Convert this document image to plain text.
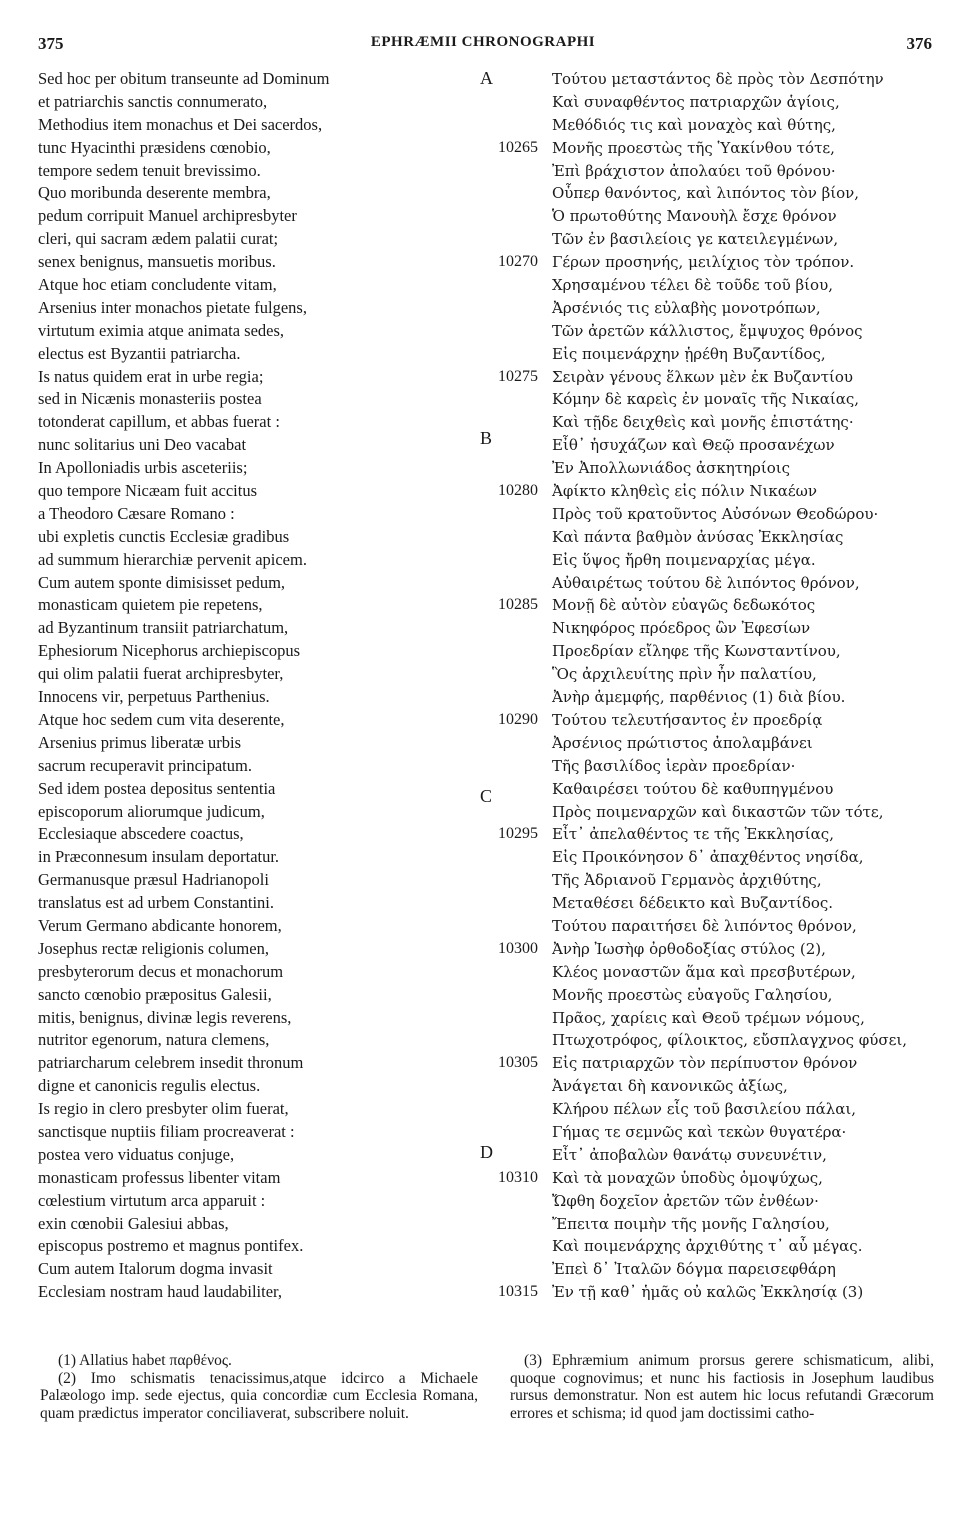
375	EPHRÆMII CHRONOGRAPHI	376
Sed hoc per obitum transeunte ad Dominum
et patriarchis sanctis connumerato,
Methodius item monachus et Dei sacerdos,
tunc Hyacinthi præsidens cœnobio,
tempore sedem tenuit brevissimo.
Quo moribunda deserente membra,
pedum corripuit Manuel archipresbyter
cleri, qui sacram ædem palatii curat;
senex benignus, mansuetis moribus.
Atque hoc etiam concludente vitam,
Arsenius inter monachos pietate fulgens,
virtutum eximia atque animata sedes,
electus est Byzantii patriarcha.
Is natus quidem erat in urbe regia;
sed in Nicænis monasteriis postea
totonderat capillum, et abbas fuerat :
nunc solitarius uni Deo vacabat
In Apolloniadis urbis asceteriis;
quo tempore Nicæam fuit accitus
a Theodoro Cæsare Romano :
ubi expletis cunctis Ecclesiæ gradibus
ad summum hierarchiæ pervenit apicem.
Cum autem sponte dimisisset pedum,
monasticam quietem pie repetens,
ad Byzantinum transiit patriarchatum,
Ephesiorum Nicephorus archiepiscopus
qui olim palatii fuerat archipresbyter,
Innocens vir, perpetuus Parthenius.
Atque hoc sedem cum vita deserente,
Arsenius primus liberatæ urbis
sacrum recuperavit principatum.
Sed idem postea depositus sententia
episcoporum aliorumque judicum,
Ecclesiaque abscedere coactus,
in Præconnesum insulam deportatur.
Germanusque præsul Hadrianopoli
translatus est ad urbem Constantini.
Verum Germano abdicante honorem,
Josephus rectæ religionis columen,
presbyterorum decus et monachorum
sancto cœnobio præpositus Galesii,
mitis, benignus, divinæ legis reverens,
nutritor egenorum, natura clemens,
patriarcharum celebrem insedit thronum
digne et canonicis regulis electus.
Is regio in clero presbyter olim fuerat,
sanctisque nuptiis filiam procreaverat :
postea vero viduatus conjuge,
monasticam professus libenter vitam
cœlestium virtutum arca apparuit :
exin cœnobii Galesiui abbas,
episcopus postremo et magnus pontifex.
Cum autem Italorum dogma invasit
Ecclesiam nostram haud laudabiliter,
Τούτου μεταστάντος δὲ πρὸς τὸν Δεσπότην
Καὶ συναφθέντος πατριαρχῶν ἁγίοις,
Μεθόδιός τις καὶ μοναχὸς καὶ θύτης,
10265 Μονῆς προεστὼς τῆς Ὑακίνθου τότε,
Ἐπὶ βράχιστον ἀπολαύει τοῦ θρόνου·
Οὗπερ θανόντος, καὶ λιπόντος τὸν βίον,
Ὁ πρωτοθύτης Μανουὴλ ἔσχε θρόνον
Τῶν ἐν βασιλείοις γε κατειλεγμένων,
10270 Γέρων προσηνής, μειλίχιος τὸν τρόπον.
Χρησαμένου τέλει δὲ τοῦδε τοῦ βίου,
Ἀρσένιός τις εὐλαβὴς μονοτρόπων,
Τῶν ἀρετῶν κάλλιστος, ἔμψυχος θρόνος
Εἰς ποιμενάρχην ᾑρέθη Βυζαντίδος,
10275 Σειρὰν γένους ἕλκων μὲν ἐκ Βυζαντίου
Κόμην δὲ καρεὶς ἐν μοναῖς τῆς Νικαίας,
Καὶ τῇδε δειχθεὶς καὶ μονῆς ἐπιστάτης·
Εἶθ᾽ ἡσυχάζων καὶ Θεῷ προσανέχων
Ἐν Ἀπολλωνιάδος ἀσκητηρίοις
10280 Ἀφίκτο κληθεὶς εἰς πόλιν Νικαέων
Πρὸς τοῦ κρατοῦντος Αὐσόνων Θεοδώρου·
Καὶ πάντα βαθμὸν ἀνύσας Ἐκκλησίας
Εἰς ὕψος ἤρθη ποιμεναρχίας μέγα.
Αὐθαιρέτως τούτου δὲ λιπόντος θρόνον,
10285 Μονῇ δὲ αὐτὸν εὐαγῶς δεδωκότος
Νικηφόρος πρόεδρος ὢν Ἐφεσίων
Προεδρίαν εἴληφε τῆς Κωνσταντίνου,
Ὃς ἀρχιλευίτης πρὶν ἦν παλατίου,
Ἀνὴρ ἀμεμφής, παρθένιος (1) διὰ βίου.
10290 Τούτου τελευτήσαντος ἐν προεδρίᾳ
Ἀρσένιος πρώτιστος ἀπολαμβάνει
Τῆς βασιλίδος ἱερὰν προεδρίαν·
Καθαιρέσει τούτου δὲ καθυπηγμένου
Πρὸς ποιμεναρχῶν καὶ δικαστῶν τῶν τότε,
10295 Εἶτ᾽ ἀπελαθέντος τε τῆς Ἐκκλησίας,
Εἰς Προικόνησον δ᾽ ἀπαχθέντος νησίδα,
Τῆς Ἀδριανοῦ Γερμανὸς ἀρχιθύτης,
Μεταθέσει δέδεικτο καὶ Βυζαντίδος.
Τούτου παραιτήσει δὲ λιπόντος θρόνον,
10300 Ἀνὴρ Ἰωσὴφ ὀρθοδοξίας στύλος (2),
Κλέος μοναστῶν ἅμα καὶ πρεσβυτέρων,
Μονῆς προεστὼς εὐαγοῦς Γαλησίου,
Πρᾶος, χαρίεις καὶ Θεοῦ τρέμων νόμους,
Πτωχοτρόφος, φίλοικτος, εὔσπλαγχνος φύσει,
10305 Εἰς πατριαρχῶν τὸν περίπυστον θρόνον
Ἀνάγεται δὴ κανονικῶς ἀξίως,
Κλήρου πέλων εἷς τοῦ βασιλείου πάλαι,
Γήμας τε σεμνῶς καὶ τεκὼν θυγατέρα·
Εἶτ᾽ ἀποβαλὼν θανάτῳ συνευνέτιν,
10310 Καὶ τὰ μοναχῶν ὑποδὺς ὁμοψύχως,
Ὤφθη δοχεῖον ἀρετῶν τῶν ἐνθέων·
Ἔπειτα ποιμὴν τῆς μονῆς Γαλησίου,
Καὶ ποιμενάρχης ἀρχιθύτης τ᾽ αὖ μέγας.
Ἐπεὶ δ᾽ Ἰταλῶν δόγμα παρεισεφθάρη
10315 Ἐν τῇ καθ᾽ ἡμᾶς οὐ καλῶς Ἐκκλησίᾳ (3)
A
B
C
D

(1) Allatius habet παρθένος.

(2) Imo schismatis tenacissimus,atque idcirco a Michaele Palæologo imp. sede ejectus, quia concordiæ cum Ecclesia Romana, quam prædictus imperator conciliaverat, subscribere noluit.

(3) Ephræmium animum prorsus gerere schismaticum, alibi, quoque cognovimus; et nunc his factiosis in Josephum laudibus rursus demonstratur. Non est autem hic locus refutandi Græcorum errores et schisma; id quod jam doctissimi catho-
